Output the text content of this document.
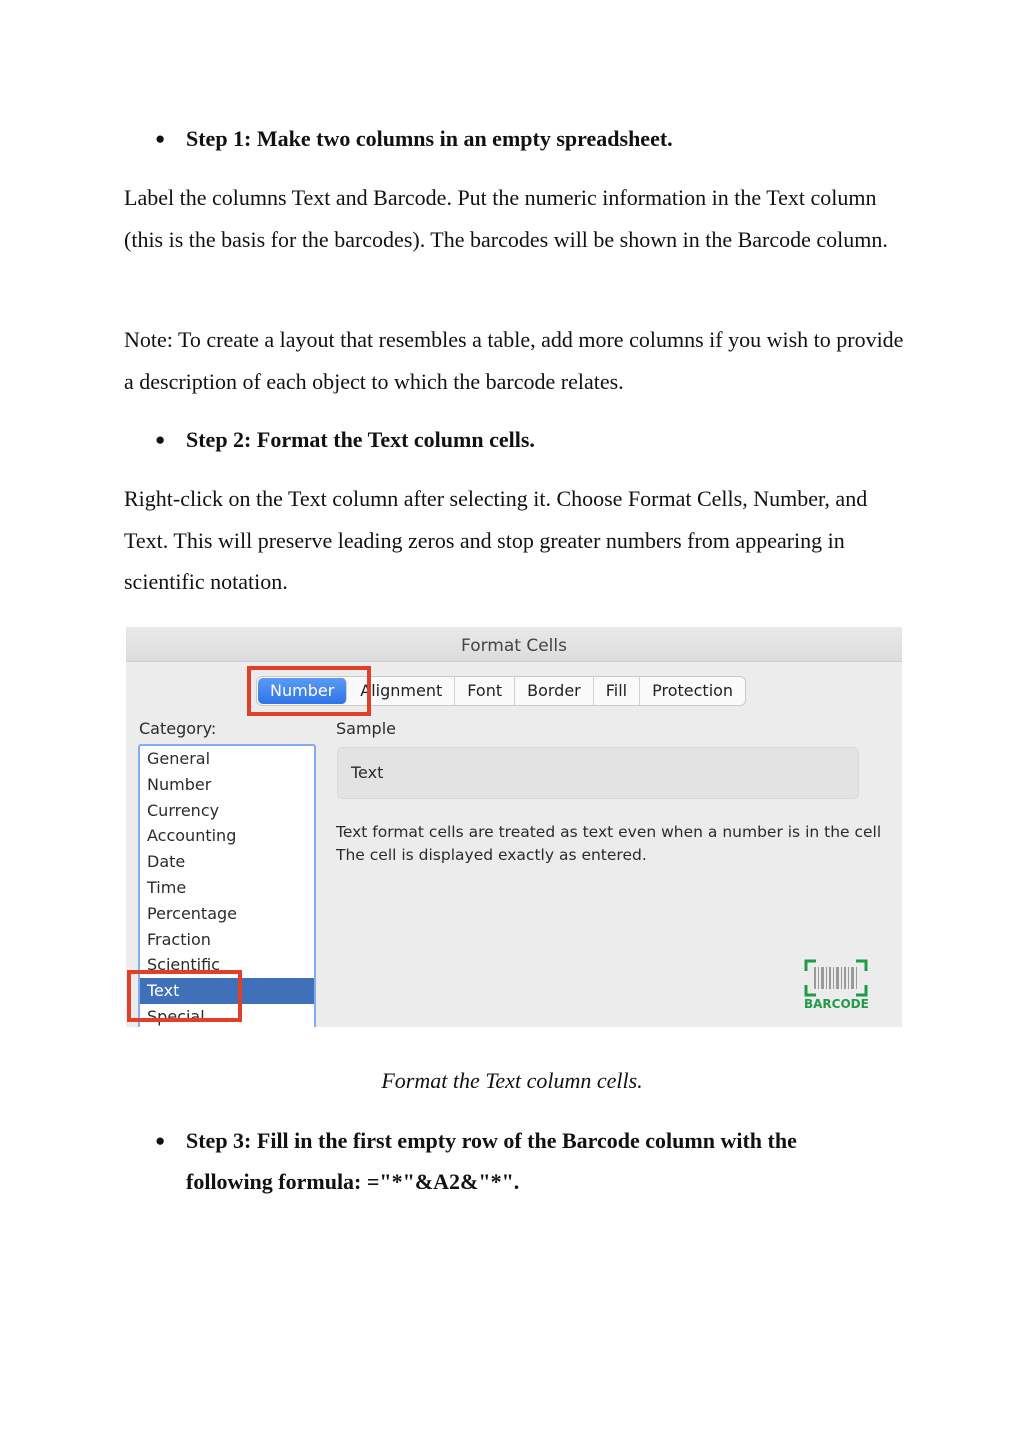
● Step 1: Make two columns in an empty spreadsheet.

Label the columns Text and Barcode. Put the numeric information in the Text column (this is the basis for the barcodes). The barcodes will be shown in the Barcode column.

Note: To create a layout that resembles a table, add more columns if you wish to provide a description of each object to which the barcode relates.

● Step 2: Format the Text column cells.

Right-click on the Text column after selecting it. Choose Format Cells, Number, and Text. This will preserve leading zeros and stop greater numbers from appearing in scientific notation.

Format Cells
Number	Alignment	Font	Border	Fill	Protection
Category:	Sample
General
Number
Currency
Accounting
Date
Time
Percentage
Fraction
Scientific
Text
Special
Text
Text format cells are treated as text even when a number is in the cell
The cell is displayed exactly as entered.
BARCODE
Format the Text column cells.
● Step 3: Fill in the first empty row of the Barcode column with the following formula: ="*"&A2&"*".
